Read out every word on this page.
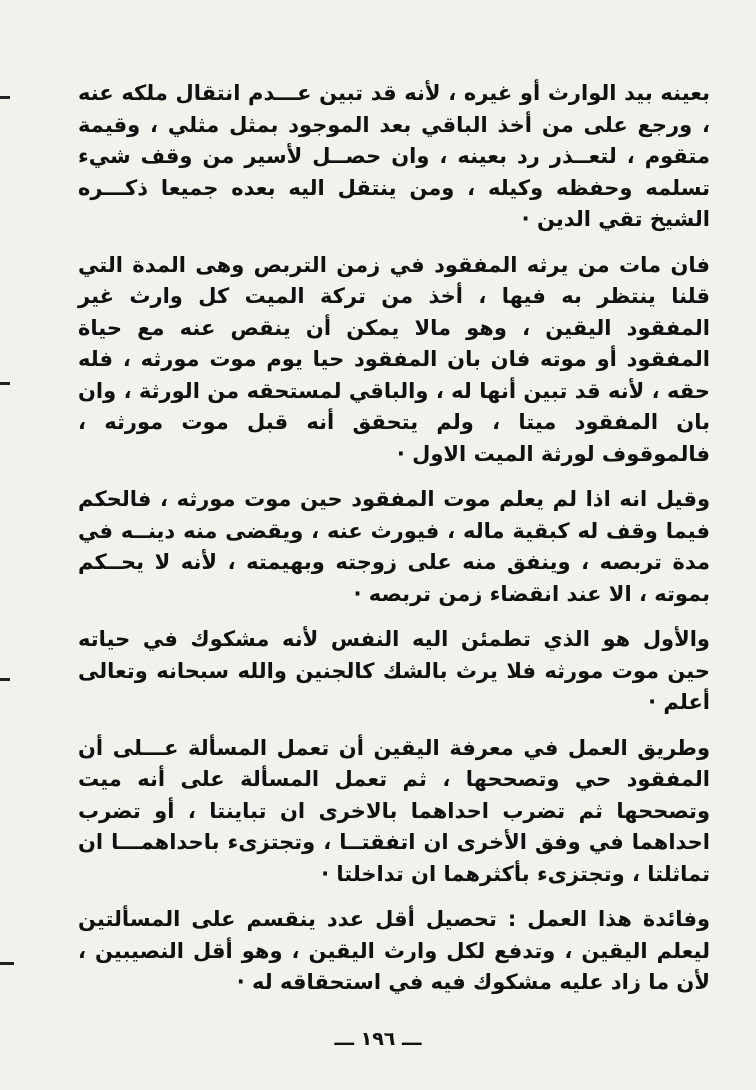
بعينه بيد الوارث أو غيره ، لأنه قد تبين عـــدم انتقال ملكه عنه ، ورجع على من أخذ الباقي بعد الموجود بمثل مثلي ، وقيمة متقوم ، لتعــذر رد بعينه ، وان حصــل لأسير من وقف شيء تسلمه وحفظه وكيله ، ومن ينتقل اليه بعده جميعا ذكـــره الشيخ تقي الدين ·

فان مات من يرثه المفقود في زمن التربص وهى المدة التي قلنا ينتظر به فيها ، أخذ من تركة الميت كل وارث غير المفقود اليقين ، وهو مالا يمكن أن ينقص عنه مع حياة المفقود أو موته فان بان المفقود حيا يوم موت مورثه ، فله حقه ، لأنه قد تبين أنها له ، والباقي لمستحقه من الورثة ، وان بان المفقود ميتا ، ولم يتحقق أنه قبل موت مورثه ، فالموقوف لورثة الميت الاول ·

وقيل انه اذا لم يعلم موت المفقود حين موت مورثه ، فالحكم فيما وقف له كبقية ماله ، فيورث عنه ، ويقضى منه دينــه في مدة تربصه ، وينفق منه على زوجته وبهيمته ، لأنه لا يحــكم بموته ، الا عند انقضاء زمن تربصه ·

والأول هو الذي تطمئن اليه النفس لأنه مشكوك في حياته حين موت مورثه فلا يرث بالشك كالجنين والله سبحانه وتعالى أعلم ·

وطريق العمل في معرفة اليقين أن تعمل المسألة عـــلى أن المفقود حي وتصححها ، ثم تعمل المسألة على أنه ميت وتصححها ثم تضرب احداهما بالاخرى ان تباينتا ، أو تضرب احداهما في وفق الأخرى ان اتفقتــا ، وتجتزىء باحداهمـــا ان تماثلتا ، وتجتزىء بأكثرهما ان تداخلتا ·

وفائدة هذا العمل : تحصيل أقل عدد ينقسم على المسألتين ليعلم اليقين ، وتدفع لكل وارث اليقين ، وهو أقل النصيبين ، لأن ما زاد عليه مشكوك فيه في استحقاقه له ·

ـــ ١٩٦ ـــ
